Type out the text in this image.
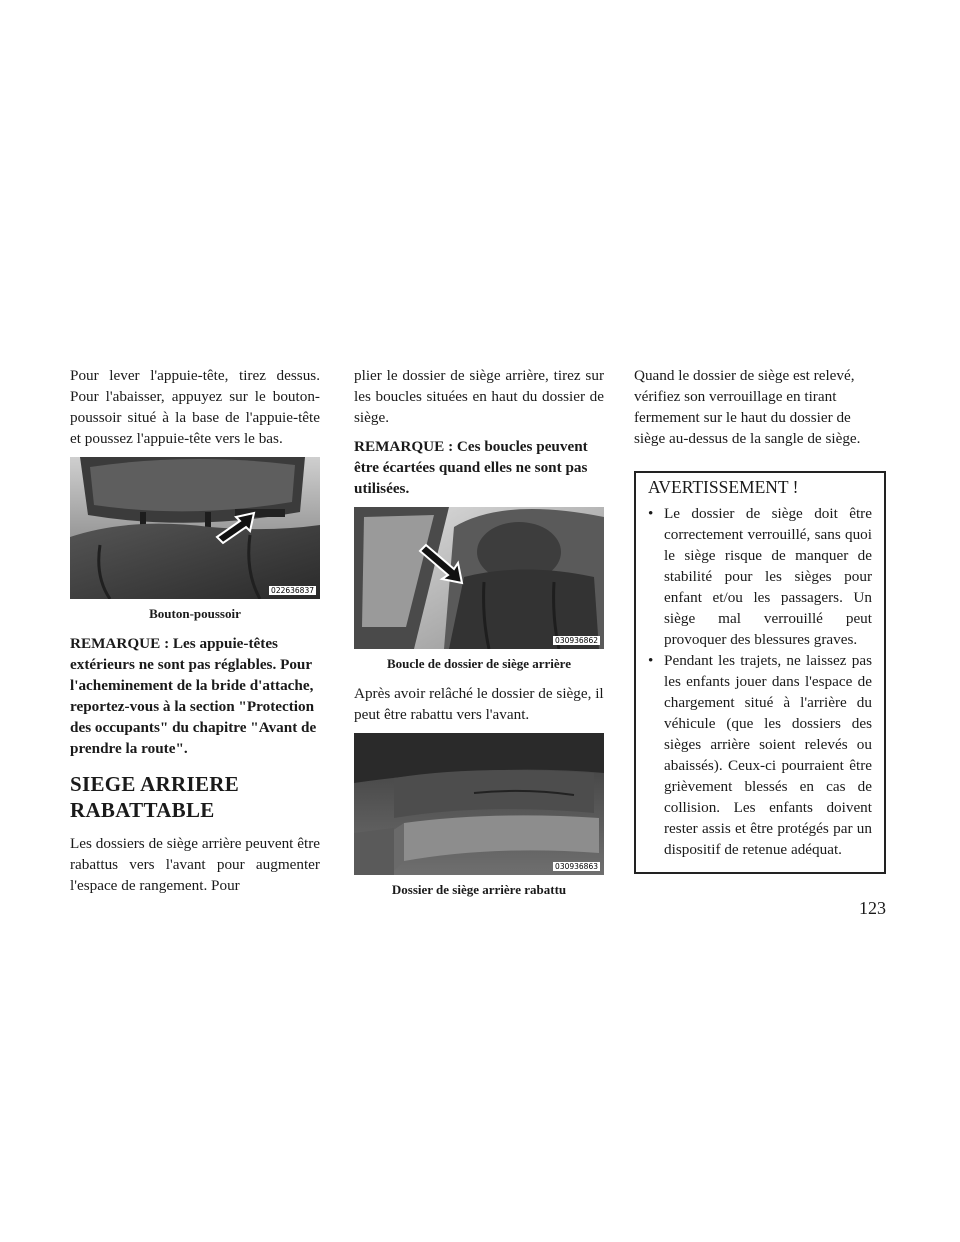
Pour lever l'appuie-tête, tirez dessus. Pour l'abaisser, appuyez sur le bouton-poussoir situé à la base de l'appuie-tête et poussez l'appuie-tête vers le bas.

022636837
Bouton-poussoir

REMARQUE : Les appuie-têtes extérieurs ne sont pas réglables. Pour l'acheminement de la bride d'attache, reportez-vous à la section "Protection des occupants" du chapitre "Avant de prendre la route".

SIEGE ARRIERE
RABATTABLE

Les dossiers de siège arrière peuvent être rabattus vers l'avant pour augmenter l'espace de rangement. Pour

plier le dossier de siège arrière, tirez sur les boucles situées en haut du dossier de siège.

REMARQUE : Ces boucles peuvent être écartées quand elles ne sont pas utilisées.

030936862
Boucle de dossier de siège arrière

Après avoir relâché le dossier de siège, il peut être rabattu vers l'avant.

030936863
Dossier de siège arrière rabattu

Quand le dossier de siège est relevé, vérifiez son verrouillage en tirant fermement sur le haut du dossier de siège au-dessus de la sangle de siège.

AVERTISSEMENT !
• Le dossier de siège doit être correctement verrouillé, sans quoi le siège risque de manquer de stabilité pour les sièges pour enfant et/ou les passagers. Un siège mal verrouillé peut provoquer des blessures graves.
• Pendant les trajets, ne laissez pas les enfants jouer dans l'espace de chargement situé à l'arrière du véhicule (que les dossiers des sièges arrière soient relevés ou abaissés). Ceux-ci pourraient être grièvement blessés en cas de collision. Les enfants doivent rester assis et être protégés par un dispositif de retenue adéquat.
123
